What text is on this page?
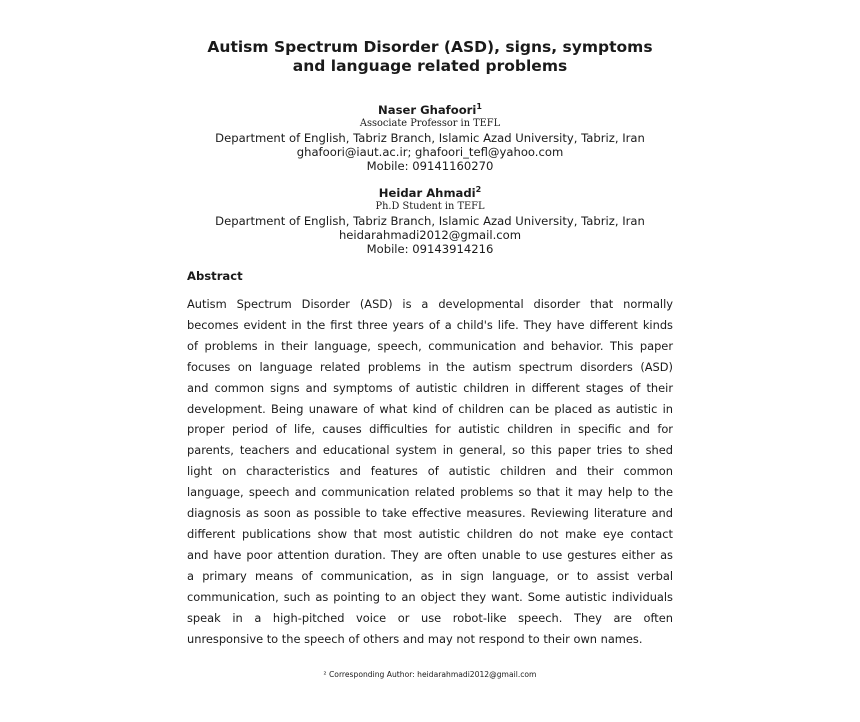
Autism Spectrum Disorder (ASD), signs, symptoms
and language related problems
Naser Ghafoori$^1$
Associate Professor in TEFL
Department of English, Tabriz Branch, Islamic Azad University, Tabriz, Iran
ghafoori@iaut.ac.ir; ghafoori_tefl@yahoo.com
Mobile: 09141160270
Heidar Ahmadi$^2$
Ph.D Student in TEFL
Department of English, Tabriz Branch, Islamic Azad University, Tabriz, Iran
heidarahmadi2012@gmail.com
Mobile: 09143914216
Abstract
Autism Spectrum Disorder (ASD) is a developmental disorder that normally
becomes evident in the first three years of a child's life. They have different kinds
of problems in their language, speech, communication and behavior. This paper
focuses on language related problems in the autism spectrum disorders (ASD)
and common signs and symptoms of autistic children in different stages of their
development. Being unaware of what kind of children can be placed as autistic in
proper period of life, causes difficulties for autistic children in specific and for
parents, teachers and educational system in general, so this paper tries to shed
light on characteristics and features of autistic children and their common
language, speech and communication related problems so that it may help to the
diagnosis as soon as possible to take effective measures. Reviewing literature and
different publications show that most autistic children do not make eye contact
and have poor attention duration. They are often unable to use gestures either as
a primary means of communication, as in sign language, or to assist verbal
communication, such as pointing to an object they want. Some autistic individuals
speak in a high-pitched voice or use robot-like speech. They are often
unresponsive to the speech of others and may not respond to their own names.
² Corresponding Author: heidarahmadi2012@gmail.com
